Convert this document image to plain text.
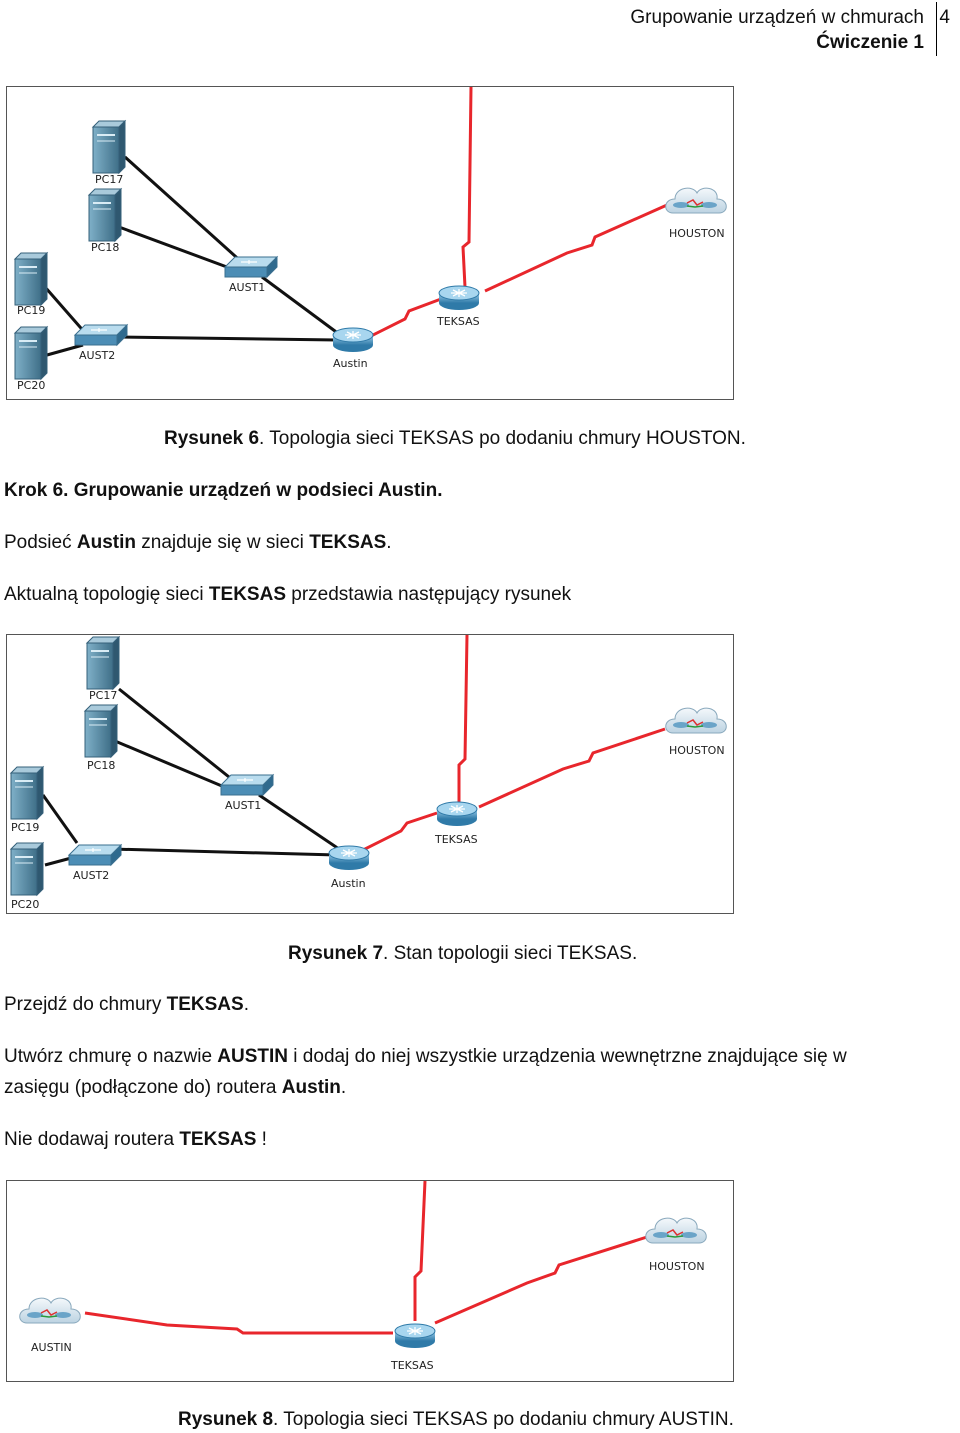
Grupowanie urządzeń w chmurach
Ćwiczenie 1
4
PC17
PC18
PC19
PC20
AUST1
AUST2
Austin
TEKSAS
HOUSTON
Rysunek 6. Topologia sieci TEKSAS po dodaniu chmury HOUSTON.
Krok 6. Grupowanie urządzeń w podsieci Austin.
Podsieć Austin znajduje się w sieci TEKSAS.
Aktualną topologię sieci TEKSAS przedstawia następujący rysunek
PC17
PC18
PC19
PC20
AUST1
AUST2
Austin
TEKSAS
HOUSTON
Rysunek 7. Stan topologii sieci TEKSAS.
Przejdź do chmury TEKSAS.
Utwórz chmurę o nazwie AUSTIN i dodaj do niej wszystkie urządzenia wewnętrzne znajdujące się w
zasięgu (podłączone do) routera Austin.
Nie dodawaj routera TEKSAS !
AUSTIN
TEKSAS
HOUSTON
Rysunek 8. Topologia sieci TEKSAS po dodaniu chmury AUSTIN.
